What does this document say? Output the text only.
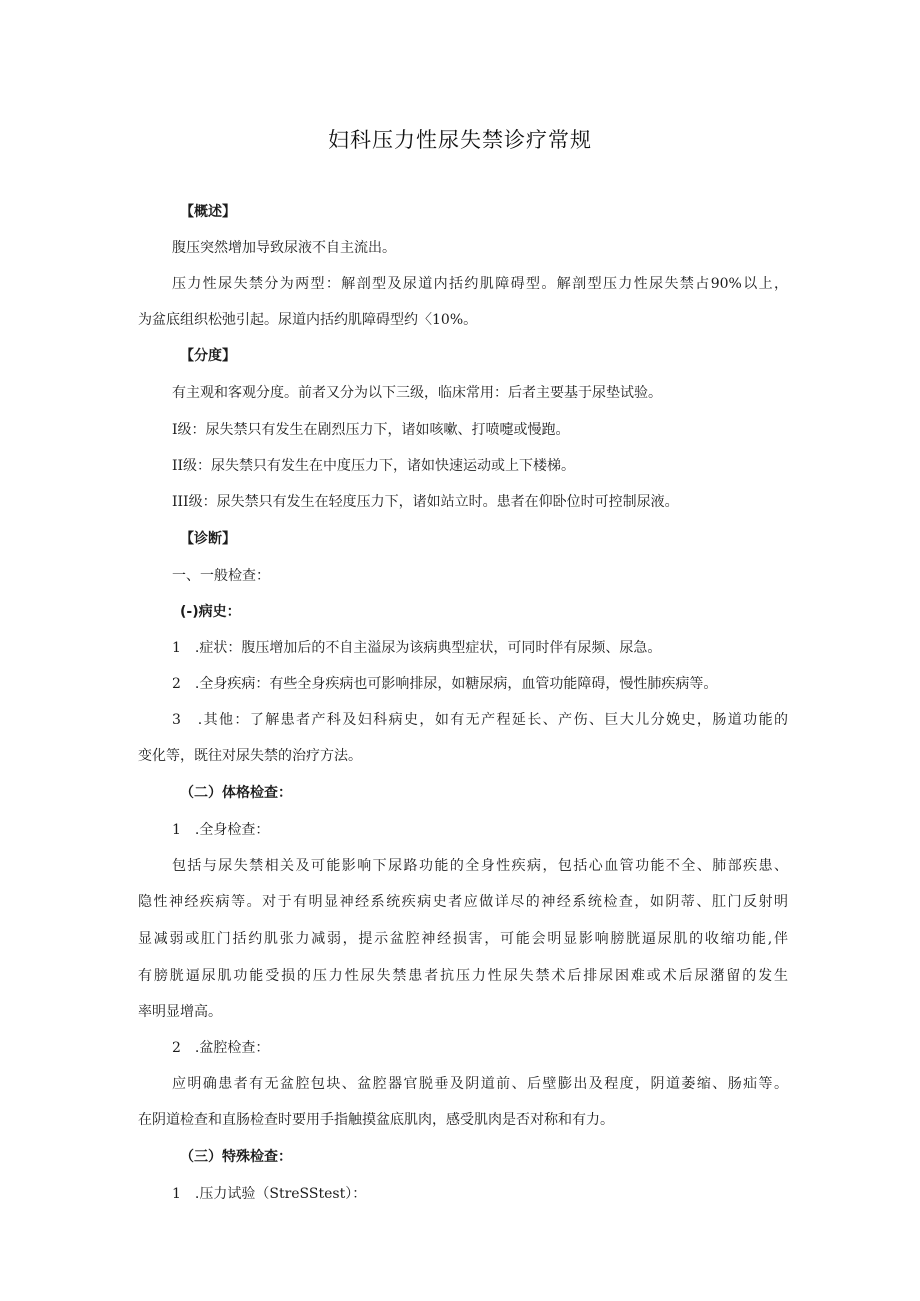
妇科压力性尿失禁诊疗常规
【概述】
腹压突然增加导致尿液不自主流出。
压力性尿失禁分为两型：解剖型及尿道内括约肌障碍型。解剖型压力性尿失禁占90%以上，
为盆底组织松弛引起。尿道内括约肌障碍型约〈10%。
【分度】
有主观和客观分度。前者又分为以下三级，临床常用：后者主要基于尿垫试验。
I级：尿失禁只有发生在剧烈压力下，诸如咳嗽、打喷嚏或慢跑。
II级：尿失禁只有发生在中度压力下，诸如快速运动或上下楼梯。
III级：尿失禁只有发生在轻度压力下，诸如站立时。患者在仰卧位时可控制尿液。
【诊断】
一、一般检查：
(-)病史：
1　.症状：腹压增加后的不自主溢尿为该病典型症状，可同时伴有尿频、尿急。
2　.全身疾病：有些全身疾病也可影响排尿，如糖尿病，血管功能障碍，慢性肺疾病等。
3　.其他：了解患者产科及妇科病史，如有无产程延长、产伤、巨大儿分娩史，肠道功能的
变化等，既往对尿失禁的治疗方法。
（二）体格检查：
1　.全身检查：
包括与尿失禁相关及可能影响下尿路功能的全身性疾病，包括心血管功能不全、肺部疾患、
隐性神经疾病等。对于有明显神经系统疾病史者应做详尽的神经系统检查，如阴蒂、肛门反射明
显减弱或肛门括约肌张力减弱，提示盆腔神经损害，可能会明显影响膀胱逼尿肌的收缩功能,伴
有膀胱逼尿肌功能受损的压力性尿失禁患者抗压力性尿失禁术后排尿困难或术后尿潴留的发生
率明显增高。
2　.盆腔检查：
应明确患者有无盆腔包块、盆腔器官脱垂及阴道前、后壁膨出及程度，阴道萎缩、肠疝等。
在阴道检查和直肠检查时要用手指触摸盆底肌肉，感受肌肉是否对称和有力。
（三）特殊检查：
1　.压力试验（StreSStest）：
